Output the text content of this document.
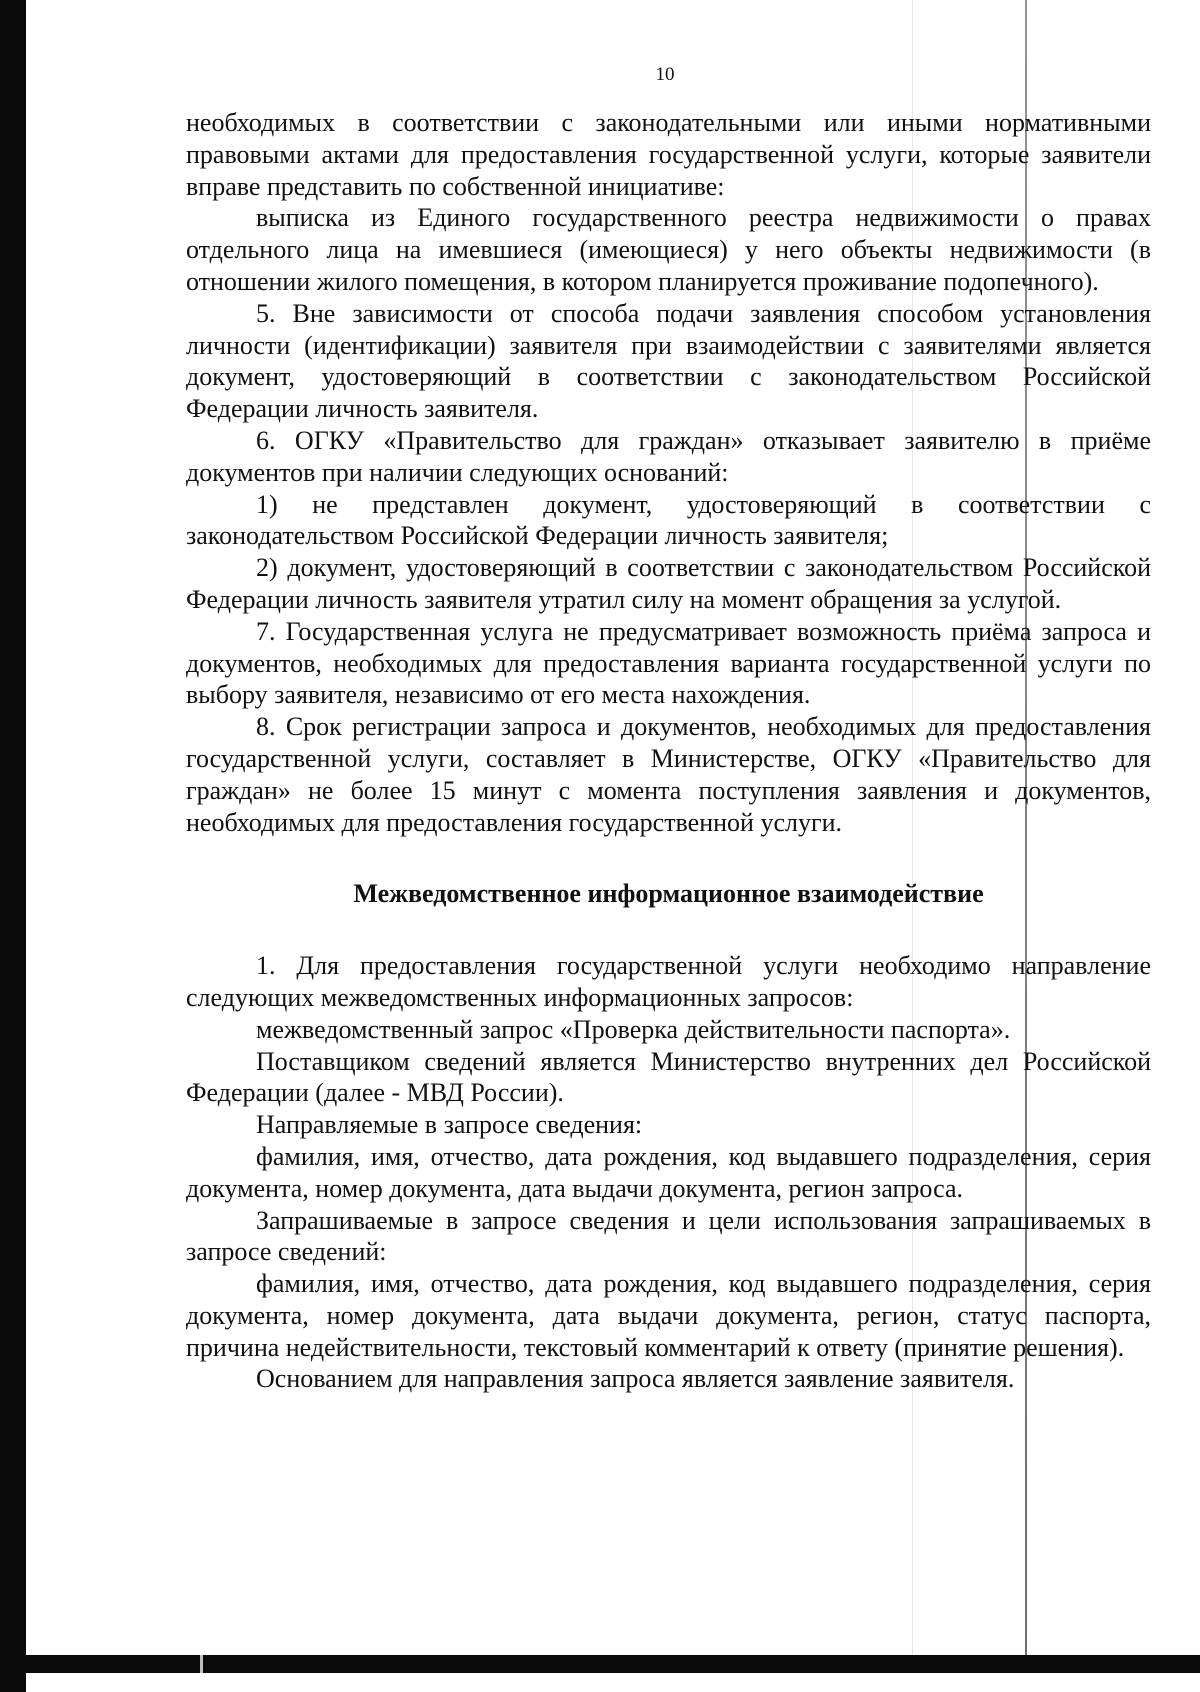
10

необходимых в соответствии с законодательными или иными нормативными правовыми актами для предоставления государственной услуги, которые заявители вправе представить по собственной инициативе:

выписка из Единого государственного реестра недвижимости о правах отдельного лица на имевшиеся (имеющиеся) у него объекты недвижимости (в отношении жилого помещения, в котором планируется проживание подопечного).

5. Вне зависимости от способа подачи заявления способом установления личности (идентификации) заявителя при взаимодействии с заявителями является документ, удостоверяющий в соответствии с законодательством Российской Федерации личность заявителя.

6. ОГКУ «Правительство для граждан» отказывает заявителю в приёме документов при наличии следующих оснований:

1) не представлен документ, удостоверяющий в соответствии с законодательством Российской Федерации личность заявителя;

2) документ, удостоверяющий в соответствии с законодательством Российской Федерации личность заявителя утратил силу на момент обращения за услугой.

7. Государственная услуга не предусматривает возможность приёма запроса и документов, необходимых для предоставления варианта государственной услуги по выбору заявителя, независимо от его места нахождения.

8. Срок регистрации запроса и документов, необходимых для предоставления государственной услуги, составляет в Министерстве, ОГКУ «Правительство для граждан» не более 15 минут с момента поступления заявления и документов, необходимых для предоставления государственной услуги.

Межведомственное информационное взаимодействие

1. Для предоставления государственной услуги необходимо направление следующих межведомственных информационных запросов:

межведомственный запрос «Проверка действительности паспорта».

Поставщиком сведений является Министерство внутренних дел Российской Федерации (далее - МВД России).

Направляемые в запросе сведения:

фамилия, имя, отчество, дата рождения, код выдавшего подразделения, серия документа, номер документа, дата выдачи документа, регион запроса.

Запрашиваемые в запросе сведения и цели использования запрашиваемых в запросе сведений:

фамилия, имя, отчество, дата рождения, код выдавшего подразделения, серия документа, номер документа, дата выдачи документа, регион, статус паспорта, причина недействительности, текстовый комментарий к ответу (принятие решения).

Основанием для направления запроса является заявление заявителя.
